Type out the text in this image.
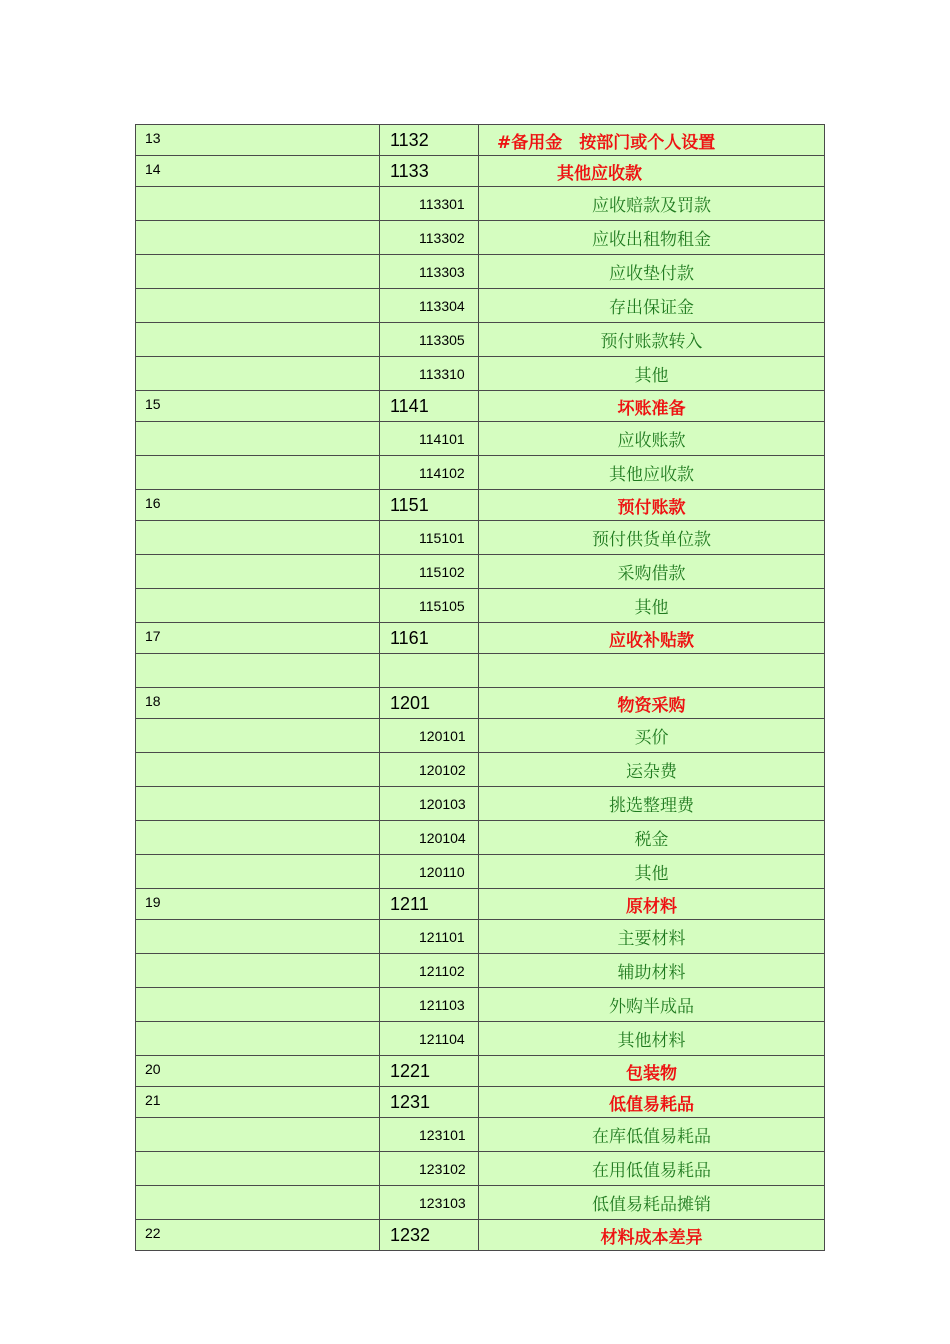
13	1132	#备用金　按部门或个人设置
14	1133	其他应收款
	113301	应收赔款及罚款
	113302	应收出租物租金
	113303	应收垫付款
	113304	存出保证金
	113305	预付账款转入
	113310	其他
15	1141	坏账准备
	114101	应收账款
	114102	其他应收款
16	1151	预付账款
	115101	预付供货单位款
	115102	采购借款
	115105	其他
17	1161	应收补贴款

18	1201	物资采购
	120101	买价
	120102	运杂费
	120103	挑选整理费
	120104	税金
	120110	其他
19	1211	原材料
	121101	主要材料
	121102	辅助材料
	121103	外购半成品
	121104	其他材料
20	1221	包装物
21	1231	低值易耗品
	123101	在库低值易耗品
	123102	在用低值易耗品
	123103	低值易耗品摊销
22	1232	材料成本差异
